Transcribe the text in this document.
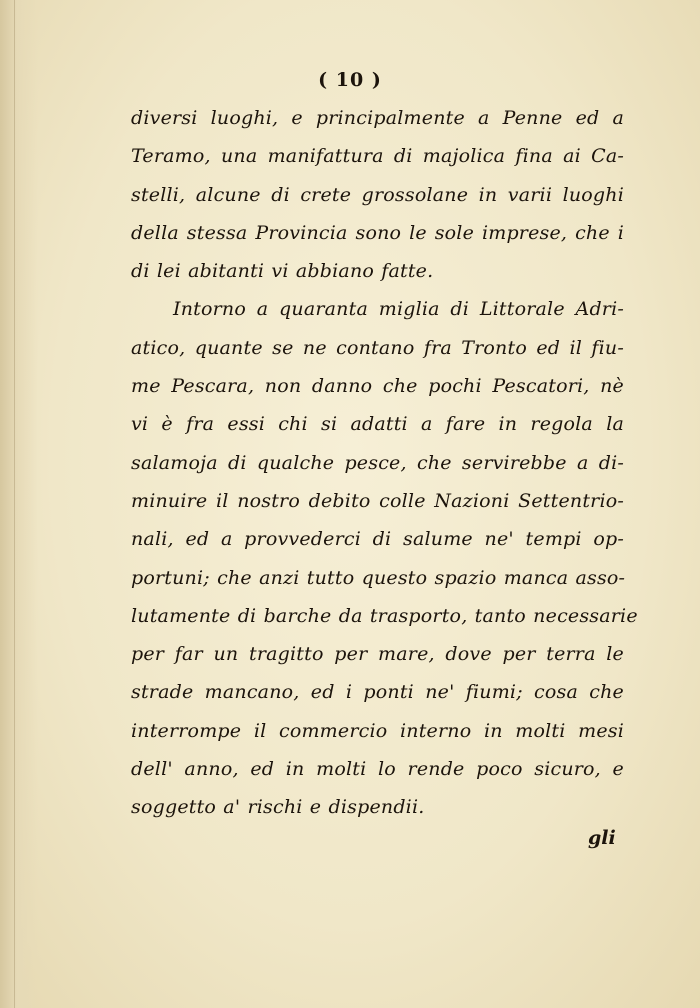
( 10 )
diversi luoghi, e principalmente a Penne ed a
Teramo, una manifattura di majolica fina ai Ca-
stelli, alcune di crete grossolane in varii luoghi
della stessa Provincia sono le sole imprese, che i
di lei abitanti vi abbiano fatte.
Intorno a quaranta miglia di Littorale Adri-
atico, quante se ne contano fra Tronto ed il fiu-
me Pescara, non danno che pochi Pescatori, nè
vi è fra essi chi si adatti a fare in regola la
salamoja di qualche pesce, che servirebbe a di-
minuire il nostro debito colle Nazioni Settentrio-
nali, ed a provvederci di salume ne' tempi op-
portuni; che anzi tutto questo spazio manca asso-
lutamente di barche da trasporto, tanto necessarie
per far un tragitto per mare, dove per terra le
strade mancano, ed i ponti ne' fiumi; cosa che
interrompe il commercio interno in molti mesi
dell' anno, ed in molti lo rende poco sicuro, e
soggetto a' rischi e dispendii.
gli
